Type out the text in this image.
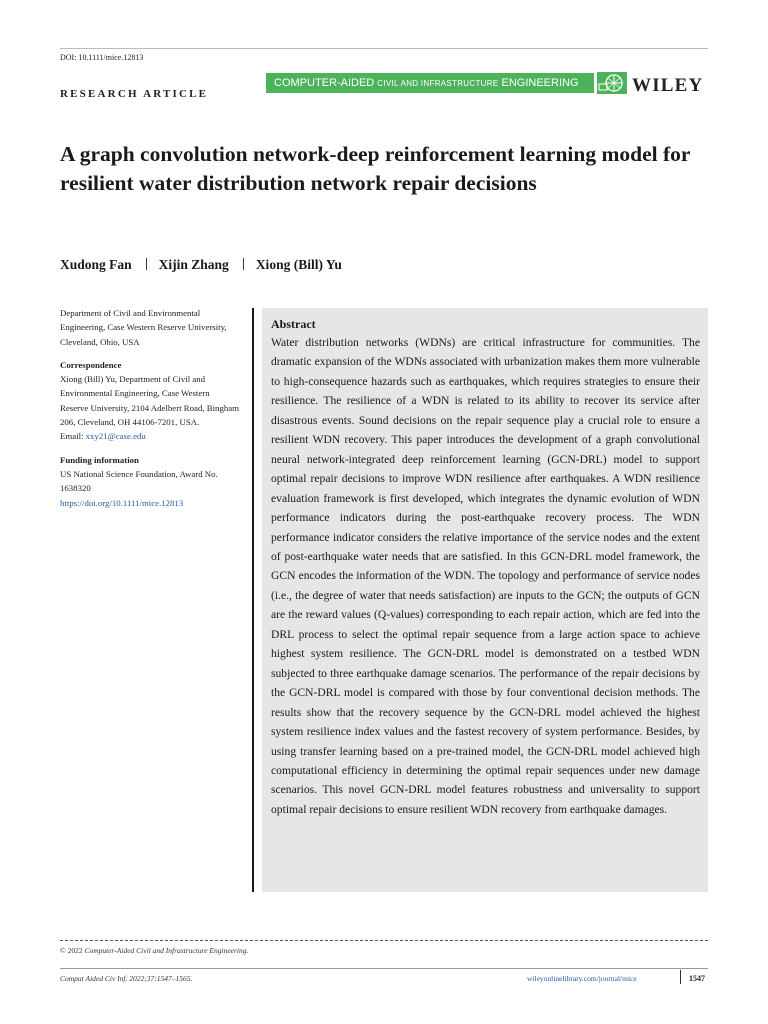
DOI: 10.1111/mice.12813
RESEARCH ARTICLE
COMPUTER-AIDED CIVIL AND INFRASTRUCTURE ENGINEERING	WILEY
A graph convolution network-deep reinforcement learning model for resilient water distribution network repair decisions
Xudong Fan Xijin Zhang Xiong (Bill) Yu
Department of Civil and Environmental Engineering, Case Western Reserve University, Cleveland, Ohio, USA
Correspondence
Xiong (Bill) Yu, Department of Civil and Environmental Engineering, Case Western Reserve University, 2104 Adelbert Road, Bingham 206, Cleveland, OH 44106-7201, USA.
Email: xxy21@case.edu
Funding information
US National Science Foundation, Award No. 1638320
https://doi.org/10.1111/mice.12813
Abstract
Water distribution networks (WDNs) are critical infrastructure for communities. The dramatic expansion of the WDNs associated with urbanization makes them more vulnerable to high-consequence hazards such as earthquakes, which requires strategies to ensure their resilience. The resilience of a WDN is related to its ability to recover its service after disastrous events. Sound decisions on the repair sequence play a crucial role to ensure a resilient WDN recovery. This paper introduces the development of a graph convolutional neural network-integrated deep reinforcement learning (GCN-DRL) model to support optimal repair decisions to improve WDN resilience after earthquakes. A WDN resilience evaluation framework is first developed, which integrates the dynamic evolution of WDN performance indicators during the post-earthquake recovery process. The WDN performance indicator considers the relative importance of the service nodes and the extent of post-earthquake water needs that are satisfied. In this GCN-DRL model framework, the GCN encodes the information of the WDN. The topology and performance of service nodes (i.e., the degree of water that needs satisfaction) are inputs to the GCN; the outputs of GCN are the reward values (Q-values) corresponding to each repair action, which are fed into the DRL process to select the optimal repair sequence from a large action space to achieve highest system resilience. The GCN-DRL model is demonstrated on a testbed WDN subjected to three earthquake damage scenarios. The performance of the repair decisions by the GCN-DRL model is compared with those by four conventional decision methods. The results show that the recovery sequence by the GCN-DRL model achieved the highest system resilience index values and the fastest recovery of system performance. Besides, by using transfer learning based on a pre-trained model, the GCN-DRL model achieved high computational efficiency in determining the optimal repair sequences under new damage scenarios. This novel GCN-DRL model features robustness and universality to support optimal repair decisions to ensure resilient WDN recovery from earthquake damages.
© 2022 Computer-Aided Civil and Infrastructure Engineering.
Comput Aided Civ Inf. 2022;37:1547–1565.	wileyonlinelibrary.com/journal/mice	1547
